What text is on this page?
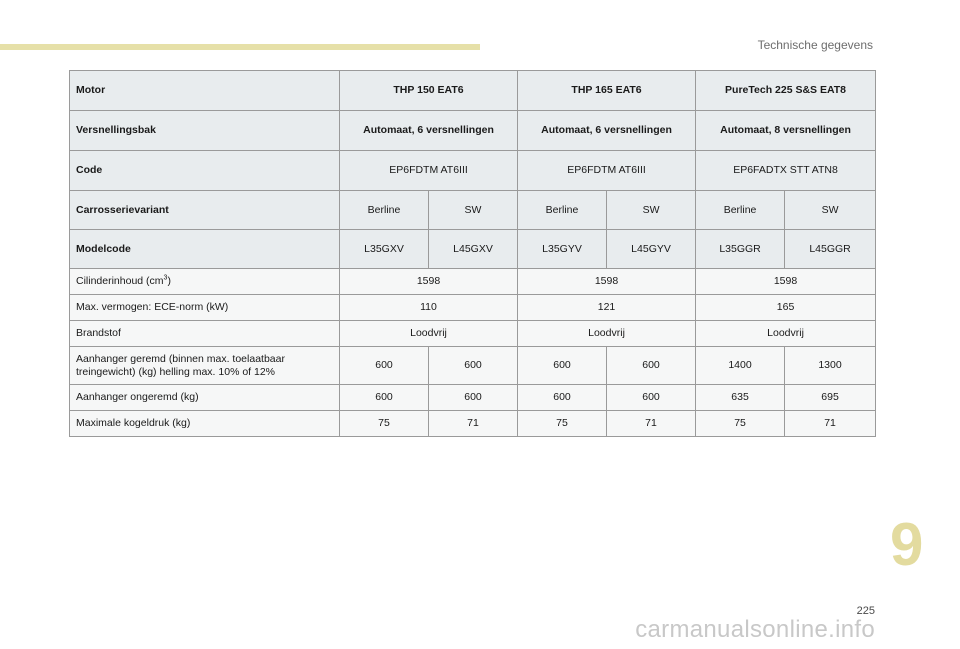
Technische gegevens
Motor	THP 150 EAT6		THP 165 EAT6		PureTech 225 S&S EAT8	
Versnellingsbak	Automaat, 6 versnellingen		Automaat, 6 versnellingen		Automaat, 8 versnellingen	
Code	EP6FDTM AT6III		EP6FDTM AT6III		EP6FADTX STT ATN8	
Carrosserievariant	Berline	SW	Berline	SW	Berline	SW
Modelcode	L35GXV	L45GXV	L35GYV	L45GYV	L35GGR	L45GGR
Cilinderinhoud $(cm^3)$	1598		1598		1598	
Max. vermogen: ECE-norm (kW)	110		121		165	
Brandstof	Loodvrij		Loodvrij		Loodvrij	
Aanhanger geremd (binnen max. toelaatbaar
treingewicht) (kg) helling max. 10% of 12%	600	600	600	600	1400	1300
Aanhanger ongeremd (kg)	600	600	600	600	635	695
Maximale kogeldruk (kg)	75	71	75	71	75	71
9
225
carmanualsonline.info
